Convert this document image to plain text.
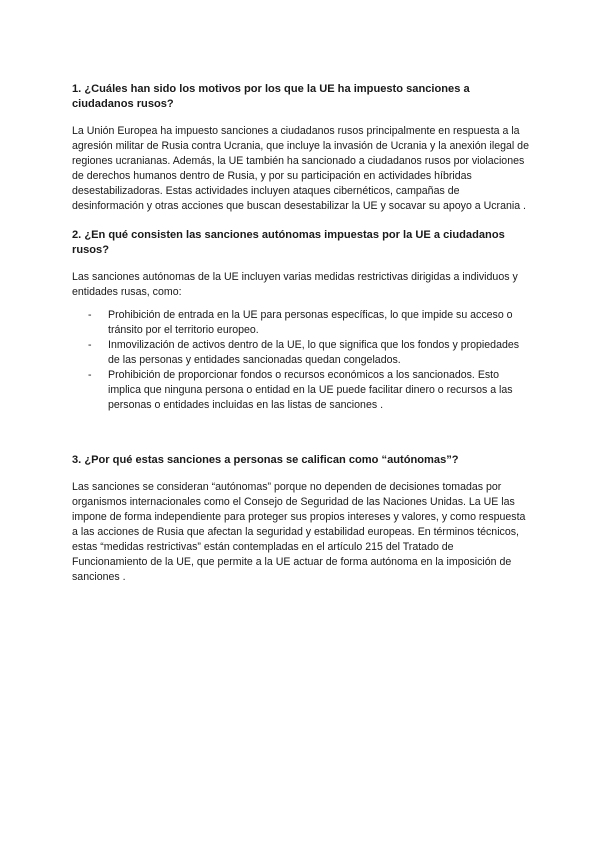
1. ¿Cuáles han sido los motivos por los que la UE ha impuesto sanciones a ciudadanos rusos?

La Unión Europea ha impuesto sanciones a ciudadanos rusos principalmente en respuesta a la agresión militar de Rusia contra Ucrania, que incluye la invasión de Ucrania y la anexión ilegal de regiones ucranianas. Además, la UE también ha sancionado a ciudadanos rusos por violaciones de derechos humanos dentro de Rusia, y por su participación en actividades híbridas desestabilizadoras. Estas actividades incluyen ataques cibernéticos, campañas de desinformación y otras acciones que buscan desestabilizar la UE y socavar su apoyo a Ucrania .

2. ¿En qué consisten las sanciones autónomas impuestas por la UE a ciudadanos rusos?

Las sanciones autónomas de la UE incluyen varias medidas restrictivas dirigidas a individuos y entidades rusas, como:

- Prohibición de entrada en la UE para personas específicas, lo que impide su acceso o tránsito por el territorio europeo.
- Inmovilización de activos dentro de la UE, lo que significa que los fondos y propiedades de las personas y entidades sancionadas quedan congelados.
- Prohibición de proporcionar fondos o recursos económicos a los sancionados. Esto implica que ninguna persona o entidad en la UE puede facilitar dinero o recursos a las personas o entidades incluidas en las listas de sanciones .

3. ¿Por qué estas sanciones a personas se califican como “autónomas”?

Las sanciones se consideran “autónomas” porque no dependen de decisiones tomadas por organismos internacionales como el Consejo de Seguridad de las Naciones Unidas. La UE las impone de forma independiente para proteger sus propios intereses y valores, y como respuesta a las acciones de Rusia que afectan la seguridad y estabilidad europeas. En términos técnicos, estas “medidas restrictivas” están contempladas en el artículo 215 del Tratado de Funcionamiento de la UE, que permite a la UE actuar de forma autónoma en la imposición de sanciones .
